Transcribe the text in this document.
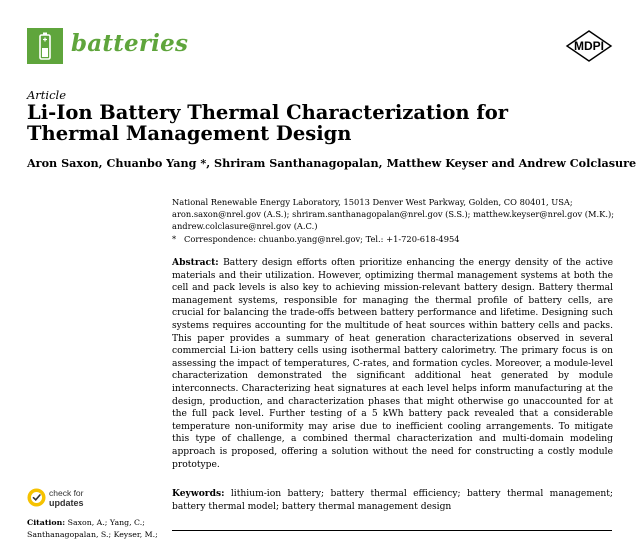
batteries	MDPI
Article
Li-Ion Battery Thermal Characterization for Thermal Management Design
Aron Saxon, Chuanbo Yang *, Shriram Santhanagopalan, Matthew Keyser and Andrew Colclasure
National Renewable Energy Laboratory, 15013 Denver West Parkway, Golden, CO 80401, USA;
aron.saxon@nrel.gov (A.S.); shriram.santhanagopalan@nrel.gov (S.S.); matthew.keyser@nrel.gov (M.K.);
andrew.colclasure@nrel.gov (A.C.)
* Correspondence: chuanbo.yang@nrel.gov; Tel.: +1-720-618-4954
Abstract: Battery design efforts often prioritize enhancing the energy density of the active materials and their utilization. However, optimizing thermal management systems at both the cell and pack levels is also key to achieving mission-relevant battery design. Battery thermal management systems, responsible for managing the thermal profile of battery cells, are crucial for balancing the trade-offs between battery performance and lifetime. Designing such systems requires accounting for the multitude of heat sources within battery cells and packs. This paper provides a summary of heat generation characterizations observed in several commercial Li-ion battery cells using isothermal battery calorimetry. The primary focus is on assessing the impact of temperatures, C-rates, and formation cycles. Moreover, a module-level characterization demonstrated the significant additional heat generated by module interconnects. Characterizing heat signatures at each level helps inform manufacturing at the design, production, and characterization phases that might otherwise go unaccounted for at the full pack level. Further testing of a 5 kWh battery pack revealed that a considerable temperature non-uniformity may arise due to inefficient cooling arrangements. To mitigate this type of challenge, a combined thermal characterization and multi-domain modeling approach is proposed, offering a solution without the need for constructing a costly module prototype.
Keywords: lithium-ion battery; battery thermal efficiency; battery thermal management; battery thermal model; battery thermal management design
check for
updates
Citation: Saxon, A.; Yang, C.;
Santhanagopalan, S.; Keyser, M.;
